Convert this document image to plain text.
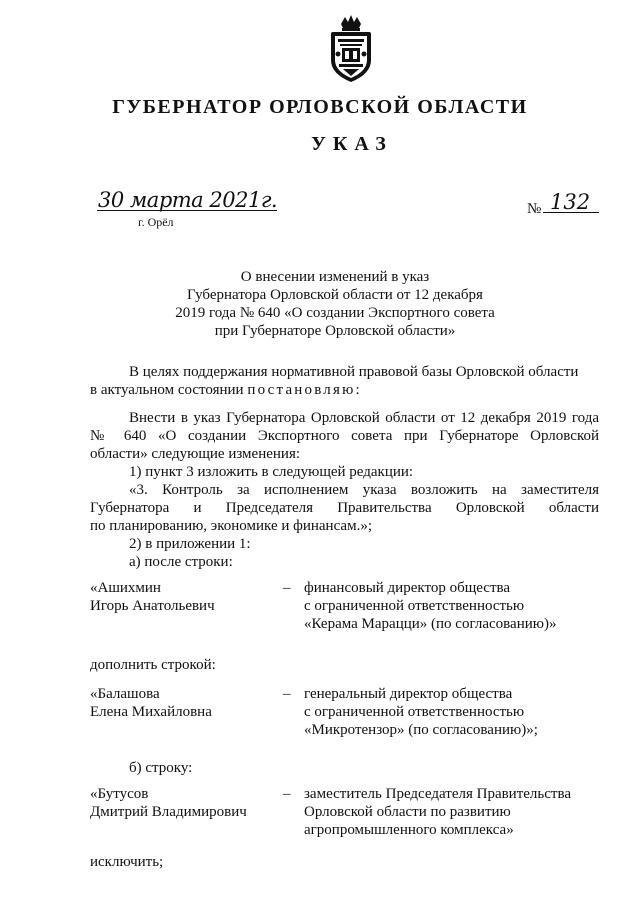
ГУБЕРНАТОР ОРЛОВСКОЙ ОБЛАСТИ
УКАЗ
30 марта 2021г.
г. Орёл
№ 132
О внесении изменений в указ
Губернатора Орловской области от 12 декабря
2019 года № 640 «О создании Экспортного совета
при Губернаторе Орловской области»
В целях поддержания нормативной правовой базы Орловской области
в актуальном состоянии постановляю:
Внести в указ Губернатора Орловской области от 12 декабря 2019 года
№ 640 «О создании Экспортного совета при Губернаторе Орловской
области» следующие изменения:
1) пункт 3 изложить в следующей редакции:
«3. Контроль за исполнением указа возложить на заместителя
Губернатора и Председателя Правительства Орловской области
по планированию, экономике и финансам.»;
2) в приложении 1:
а) после строки:
«Ашихмин
Игорь Анатольевич
– финансовый директор общества
с ограниченной ответственностью
«Керама Марацци» (по согласованию)»
дополнить строкой:
«Балашова
Елена Михайловна
– генеральный директор общества
с ограниченной ответственностью
«Микротензор» (по согласованию)»;
б) строку:
«Бутусов
Дмитрий Владимирович
– заместитель Председателя Правительства
Орловской области по развитию
агропромышленного комплекса»
исключить;
